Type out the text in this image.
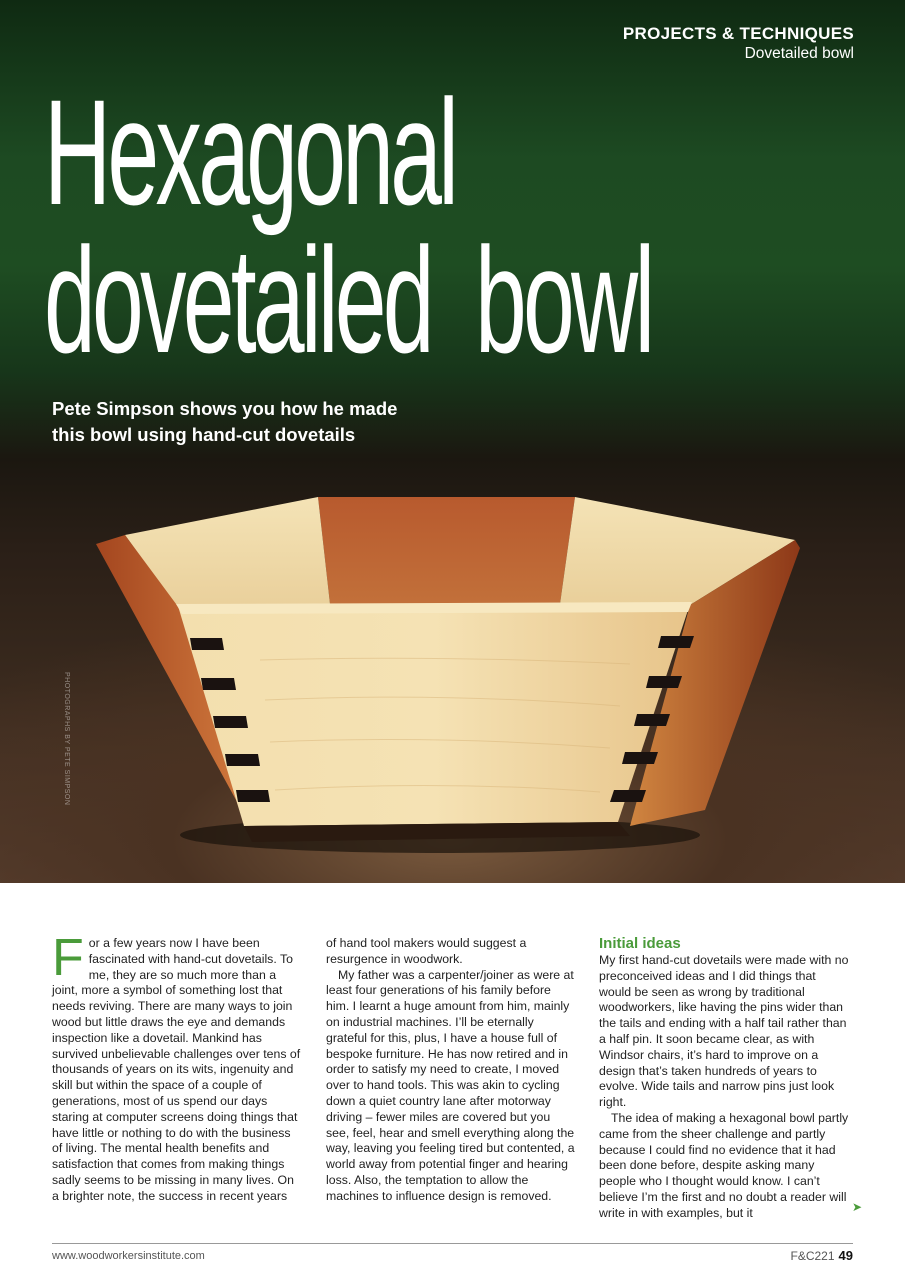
PROJECTS & TECHNIQUES
Dovetailed bowl
Hexagonal
dovetailed  bowl
Pete Simpson shows you how he made
this bowl using hand-cut dovetails
PHOTOGRAPHS BY PETE SIMPSON

For a few years now I have been fascinated with hand-cut dovetails. To me, they are so much more than a joint, more a symbol of something lost that needs reviving. There are many ways to join wood but little draws the eye and demands inspection like a dovetail. Mankind has survived unbelievable challenges over tens of thousands of years on its wits, ingenuity and skill but within the space of a couple of generations, most of us spend our days staring at computer screens doing things that have little or nothing to do with the business of living. The mental health benefits and satisfaction that comes from making things sadly seems to be missing in many lives. On a brighter note, the success in recent years

of hand tool makers would suggest a resurgence in woodwork.

My father was a carpenter/joiner as were at least four generations of his family before him. I learnt a huge amount from him, mainly on industrial machines. I’ll be eternally grateful for this, plus, I have a house full of bespoke furniture. He has now retired and in order to satisfy my need to create, I moved over to hand tools. This was akin to cycling down a quiet country lane after motorway driving – fewer miles are covered but you see, feel, hear and smell everything along the way, leaving you feeling tired but contented, a world away from potential finger and hearing loss. Also, the temptation to allow the machines to influence design is removed.

Initial ideas

My first hand-cut dovetails were made with no preconceived ideas and I did things that would be seen as wrong by traditional woodworkers, like having the pins wider than the tails and ending with a half tail rather than a half pin. It soon became clear, as with Windsor chairs, it’s hard to improve on a design that’s taken hundreds of years to evolve. Wide tails and narrow pins just look right.

The idea of making a hexagonal bowl partly came from the sheer challenge and partly because I could find no evidence that it had been done before, despite asking many people who I thought would know. I can’t believe I’m the first and no doubt a reader will write in with examples, but it	➤
www.woodworkersinstitute.com	F&C221 49
